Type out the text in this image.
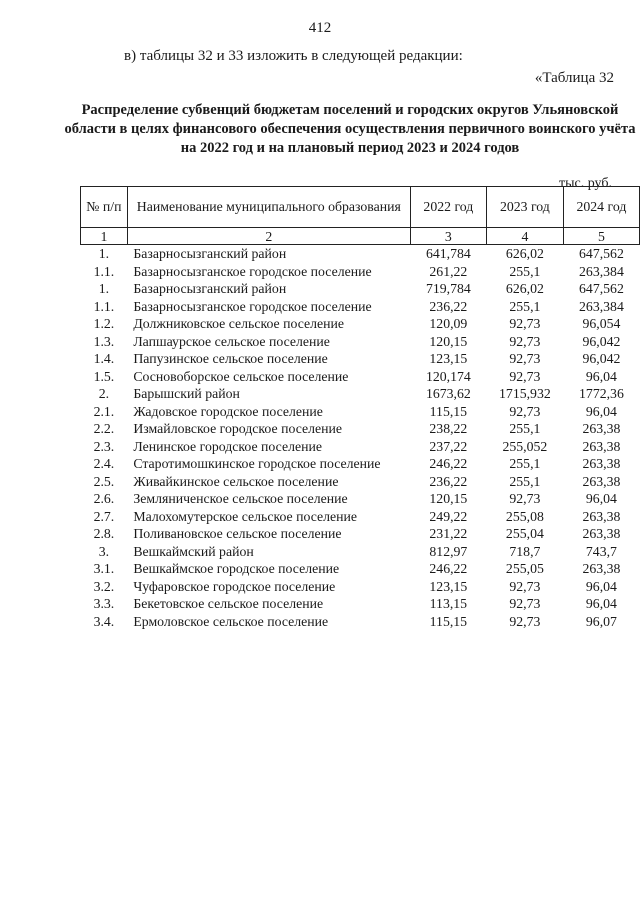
412
в) таблицы 32 и 33 изложить в следующей редакции:
«Таблица 32
Распределение субвенций бюджетам поселений и городских округов Ульяновской области в целях финансового обеспечения осуществления первичного воинского учёта на 2022 год и на плановый период 2023 и 2024 годов
тыс. руб.
№ п/п	Наименование муниципального образования	2022 год	2023 год	2024 год
1	2	3	4	5
1.	Базарносызганский район	641,784	626,02	647,562
1.1.	Базарносызганское городское поселение	261,22	255,1	263,384
1.	Базарносызганский район	719,784	626,02	647,562
1.1.	Базарносызганское городское поселение	236,22	255,1	263,384
1.2.	Должниковское сельское поселение	120,09	92,73	96,054
1.3.	Лапшаурское сельское поселение	120,15	92,73	96,042
1.4.	Папузинское сельское поселение	123,15	92,73	96,042
1.5.	Сосновоборское сельское поселение	120,174	92,73	96,04
2.	Барышский район	1673,62	1715,932	1772,36
2.1.	Жадовское городское поселение	115,15	92,73	96,04
2.2.	Измайловское городское поселение	238,22	255,1	263,38
2.3.	Ленинское городское поселение	237,22	255,052	263,38
2.4.	Старотимошкинское городское поселение	246,22	255,1	263,38
2.5.	Живайкинское сельское поселение	236,22	255,1	263,38
2.6.	Земляниченское сельское поселение	120,15	92,73	96,04
2.7.	Малохомутерское сельское поселение	249,22	255,08	263,38
2.8.	Поливановское сельское поселение	231,22	255,04	263,38
3.	Вешкаймский район	812,97	718,7	743,7
3.1.	Вешкаймское городское поселение	246,22	255,05	263,38
3.2.	Чуфаровское городское поселение	123,15	92,73	96,04
3.3.	Бекетовское сельское поселение	113,15	92,73	96,04
3.4.	Ермоловское сельское поселение	115,15	92,73	96,07
